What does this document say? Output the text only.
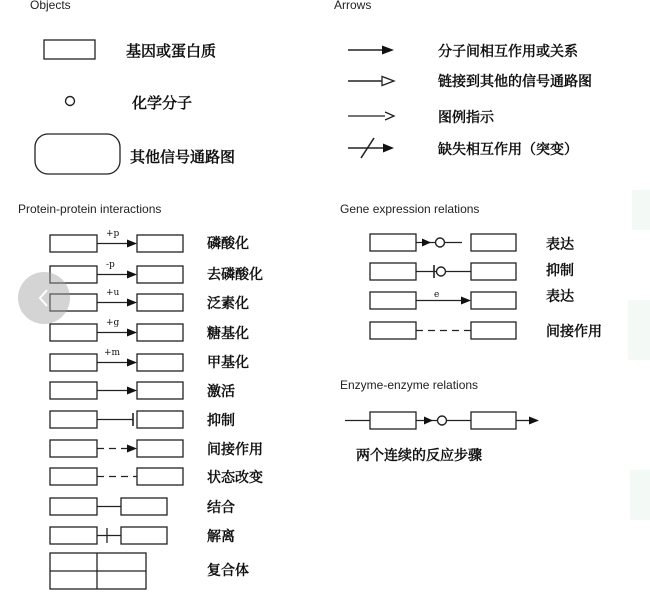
Objects	Arrows
Protein-protein interactions	Gene expression relations
Enzyme-enzyme relations
基因或蛋白质
化学分子
其他信号通路图
分子间相互作用或关系
链接到其他的信号通路图
图例指示
缺失相互作用（突变）
+p
磷酸化
-p
去磷酸化
+u
泛素化
+g
糖基化
+m
甲基化
激活
抑制
间接作用
状态改变
结合
解离
复合体
表达
抑制
e	表达
间接作用
两个连续的反应步骤
